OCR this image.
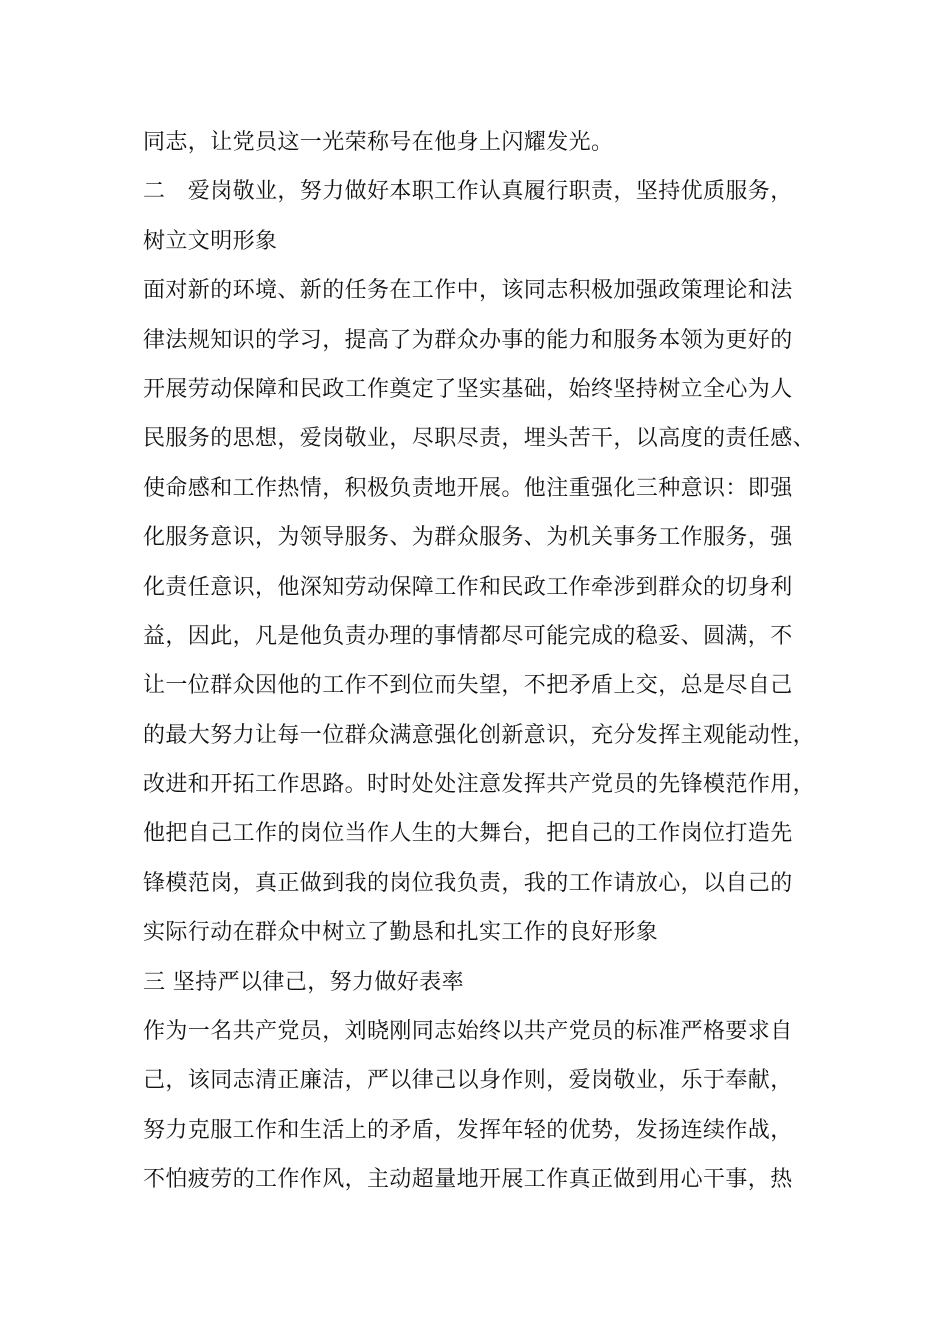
同志，让党员这一光荣称号在他身上闪耀发光。
二　爱岗敬业，努力做好本职工作认真履行职责，坚持优质服务，
树立文明形象
面对新的环境、新的任务在工作中，该同志积极加强政策理论和法
律法规知识的学习，提高了为群众办事的能力和服务本领为更好的
开展劳动保障和民政工作奠定了坚实基础，始终坚持树立全心为人
民服务的思想，爱岗敬业，尽职尽责，埋头苦干，以高度的责任感、
使命感和工作热情，积极负责地开展。他注重强化三种意识：即强
化服务意识，为领导服务、为群众服务、为机关事务工作服务，强
化责任意识，他深知劳动保障工作和民政工作牵涉到群众的切身利
益，因此，凡是他负责办理的事情都尽可能完成的稳妥、圆满，不
让一位群众因他的工作不到位而失望，不把矛盾上交，总是尽自己
的最大努力让每一位群众满意强化创新意识，充分发挥主观能动性，
改进和开拓工作思路。时时处处注意发挥共产党员的先锋模范作用，
他把自己工作的岗位当作人生的大舞台，把自己的工作岗位打造先
锋模范岗，真正做到我的岗位我负责，我的工作请放心，以自己的
实际行动在群众中树立了勤恳和扎实工作的良好形象
三 坚持严以律己，努力做好表率
作为一名共产党员，刘晓刚同志始终以共产党员的标准严格要求自
己，该同志清正廉洁，严以律己以身作则，爱岗敬业，乐于奉献，
努力克服工作和生活上的矛盾，发挥年轻的优势，发扬连续作战，
不怕疲劳的工作作风，主动超量地开展工作真正做到用心干事，热
